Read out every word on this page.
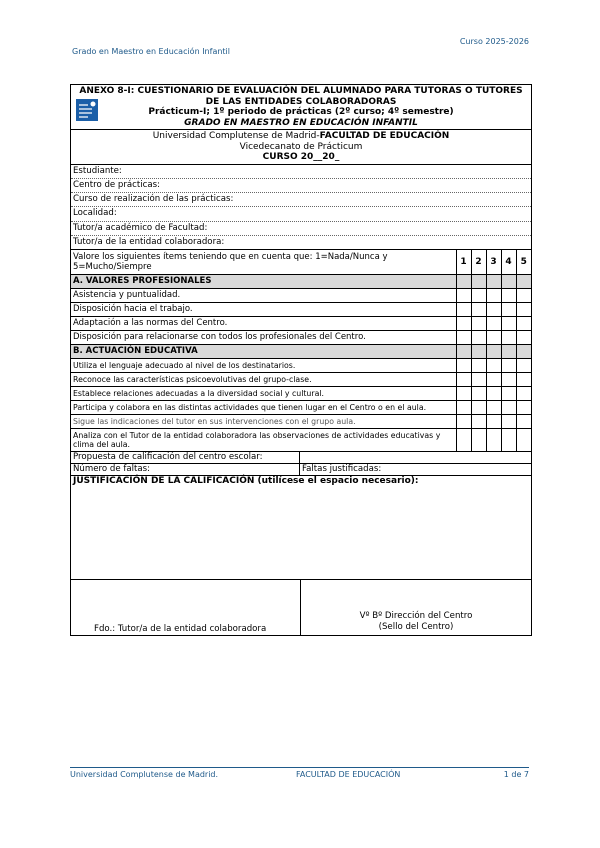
Curso 2025-2026
Grado en Maestro en Educación Infantil
ANEXO 8-I: CUESTIONARIO DE EVALUACIÓN DEL ALUMNADO PARA TUTORAS O TUTORES DE LAS ENTIDADES COLABORADORAS
Prácticum-I; 1º periodo de prácticas (2º curso; 4º semestre)
GRADO EN MAESTRO EN EDUCACIÓN INFANTIL
Universidad Complutense de Madrid-FACULTAD DE EDUCACIÓN
Vicedecanato de Prácticum
CURSO 20__20_
Estudiante:
Centro de prácticas:
Curso de realización de las prácticas:
Localidad:
Tutor/a académico de Facultad:
Tutor/a de la entidad colaboradora:
Valore los siguientes ítems teniendo que en cuenta que: 1=Nada/Nunca y 5=Mucho/Siempre	1	2	3	4	5
A. VALORES PROFESIONALES					
Asistencia y puntualidad.					
Disposición hacia el trabajo.					
Adaptación a las normas del Centro.					
Disposición para relacionarse con todos los profesionales del Centro.					
B. ACTUACIÓN EDUCATIVA					
Utiliza el lenguaje adecuado al nivel de los destinatarios.					
Reconoce las características psicoevolutivas del grupo-clase.					
Establece relaciones adecuadas a la diversidad social y cultural.					
Participa y colabora en las distintas actividades que tienen lugar en el Centro o en el aula.					
Sigue las indicaciones del tutor en sus intervenciones con el grupo aula.					
Analiza con el Tutor de la entidad colaboradora las observaciones de actividades educativas y clima del aula.					
Propuesta de calificación del centro escolar:
Número de faltas:	Faltas justificadas:
JUSTIFICACIÓN DE LA CALIFICACIÓN (utilícese el espacio necesario):
Fdo.: Tutor/a de la entidad colaboradora
Vº Bº Dirección del Centro
(Sello del Centro)
Universidad Complutense de Madrid.	FACULTAD DE EDUCACIÓN	1 de 7
